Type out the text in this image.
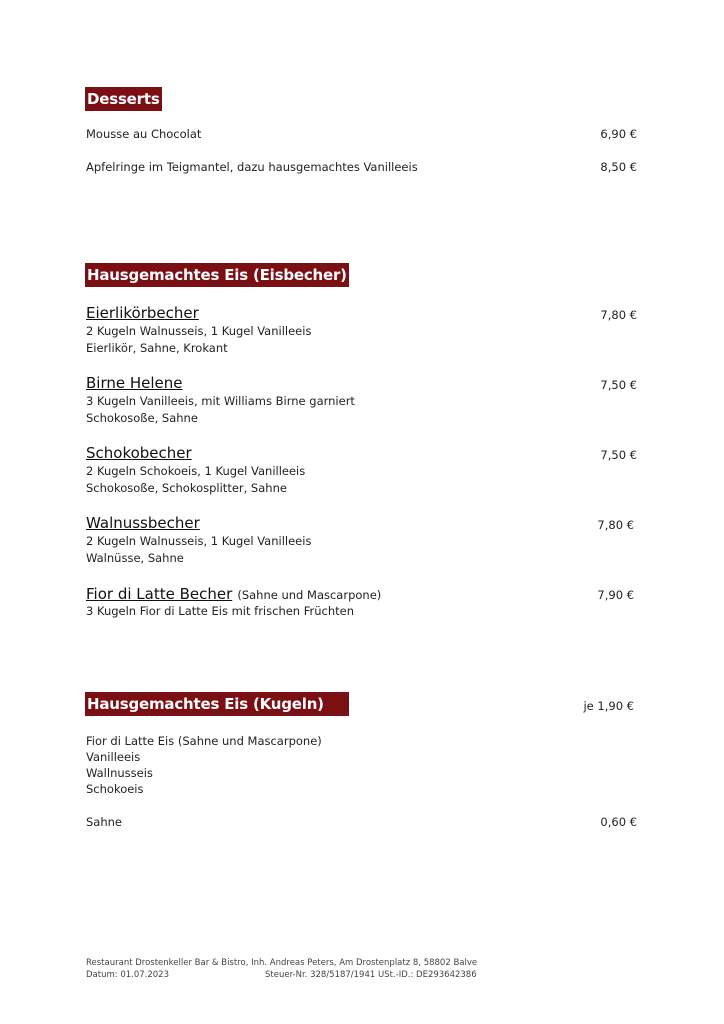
Desserts
Mousse au Chocolat	6,90 €
Apfelringe im Teigmantel, dazu hausgemachtes Vanilleeis	8,50 €
Hausgemachtes Eis (Eisbecher)
Eierlikörbecher	7,80 €
2 Kugeln Walnusseis, 1 Kugel Vanilleeis
Eierlikör, Sahne, Krokant
Birne Helene	7,50 €
3 Kugeln Vanilleeis, mit Williams Birne garniert
Schokosoße, Sahne
Schokobecher	7,50 €
2 Kugeln Schokoeis, 1 Kugel Vanilleeis
Schokosoße, Schokosplitter, Sahne
Walnussbecher	7,80 €
2 Kugeln Walnusseis, 1 Kugel Vanilleeis
Walnüsse, Sahne
Fior di Latte Becher (Sahne und Mascarpone)	7,90 €
3 Kugeln Fior di Latte Eis mit frischen Früchten
Hausgemachtes Eis (Kugeln)	je 1,90 €
Fior di Latte Eis (Sahne und Mascarpone)
Vanilleeis
Wallnusseis
Schokoeis
Sahne	0,60 €
Restaurant Drostenkeller Bar & Bistro, Inh. Andreas Peters, Am Drostenplatz 8, 58802 Balve
Datum: 01.07.2023	Steuer-Nr. 328/5187/1941 USt.-ID.: DE293642386
